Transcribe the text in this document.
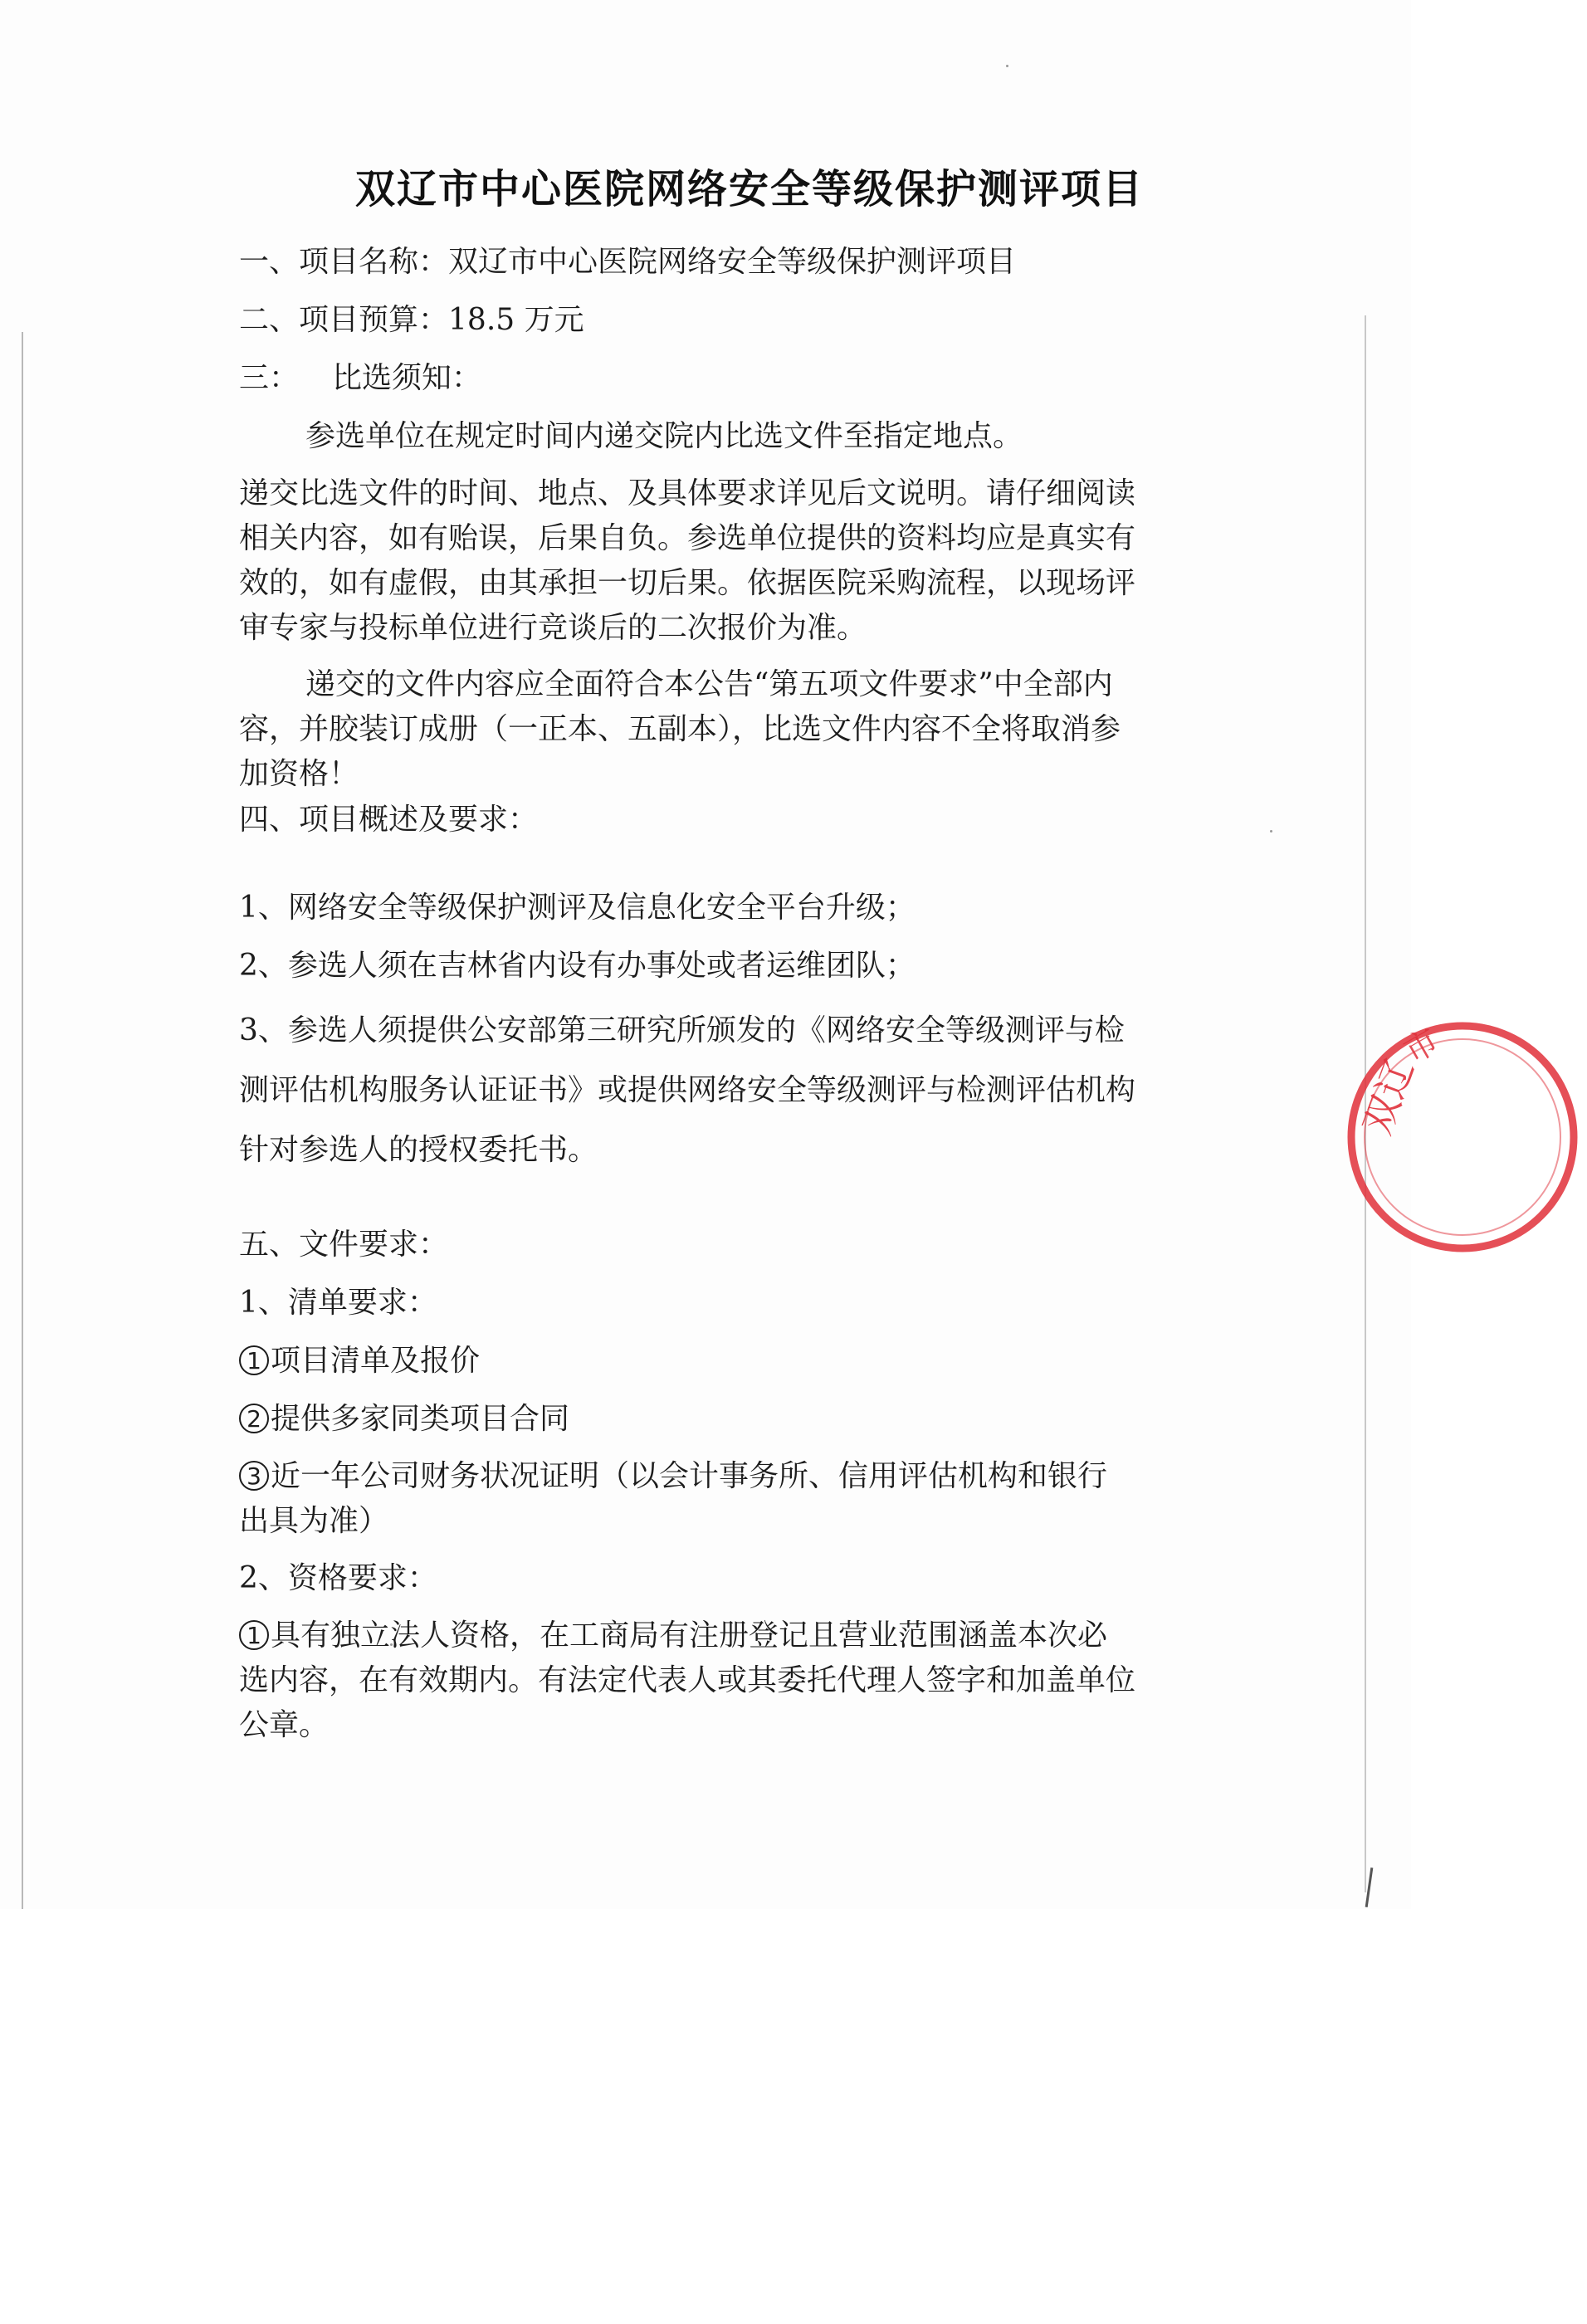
双辽
市
双辽市中心医院网络安全等级保护测评项目

一、项目名称：双辽市中心医院网络安全等级保护测评项目

二、项目预算：18.5 万元

三： 比选须知：

参选单位在规定时间内递交院内比选文件至指定地点。

递交比选文件的时间、地点、及具体要求详见后文说明。请仔细阅读

相关内容，如有贻误，后果自负。参选单位提供的资料均应是真实有

效的，如有虚假，由其承担一切后果。依据医院采购流程，以现场评

审专家与投标单位进行竞谈后的二次报价为准。

递交的文件内容应全面符合本公告“第五项文件要求”中全部内

容，并胶装订成册（一正本、五副本），比选文件内容不全将取消参

加资格！

四、项目概述及要求：

1、网络安全等级保护测评及信息化安全平台升级；

2、参选人须在吉林省内设有办事处或者运维团队；

3、参选人须提供公安部第三研究所颁发的《网络安全等级测评与检

测评估机构服务认证证书》或提供网络安全等级测评与检测评估机构

针对参选人的授权委托书。

五、文件要求：

1、清单要求：

1 项目清单及报价

2 提供多家同类项目合同

3 近一年公司财务状况证明（以会计事务所、信用评估机构和银行

出具为准）

2、资格要求：

1 具有独立法人资格，在工商局有注册登记且营业范围涵盖本次必

选内容，在有效期内。有法定代表人或其委托代理人签字和加盖单位

公章。
